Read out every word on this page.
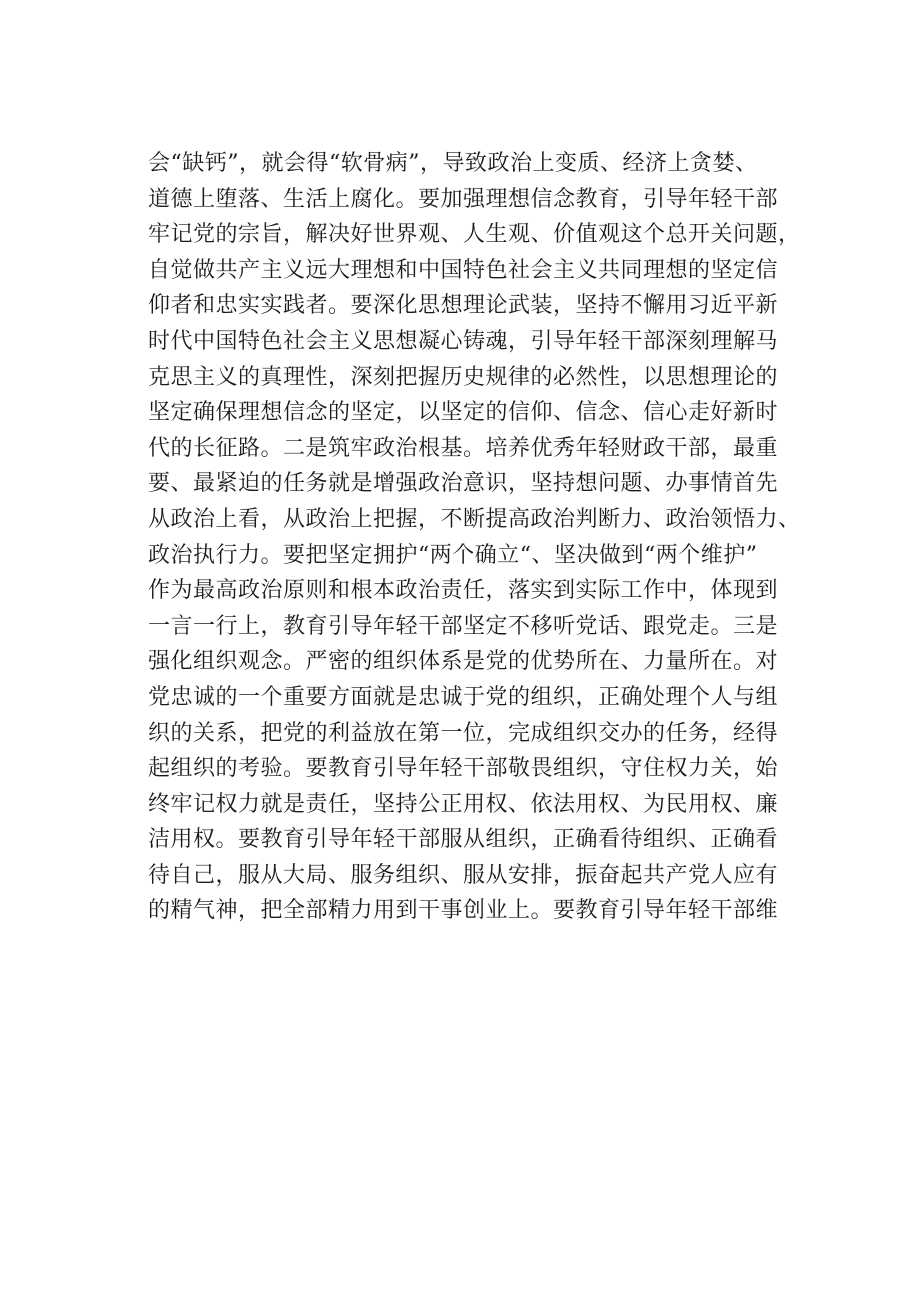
会“缺钙”，就会得“软骨病”，导致政治上变质、经济上贪婪、
道德上堕落、生活上腐化。要加强理想信念教育，引导年轻干部
牢记党的宗旨，解决好世界观、人生观、价值观这个总开关问题，
自觉做共产主义远大理想和中国特色社会主义共同理想的坚定信
仰者和忠实实践者。要深化思想理论武装，坚持不懈用习近平新
时代中国特色社会主义思想凝心铸魂，引导年轻干部深刻理解马
克思主义的真理性，深刻把握历史规律的必然性，以思想理论的
坚定确保理想信念的坚定，以坚定的信仰、信念、信心走好新时
代的长征路。二是筑牢政治根基。培养优秀年轻财政干部，最重
要、最紧迫的任务就是增强政治意识，坚持想问题、办事情首先
从政治上看，从政治上把握，不断提高政治判断力、政治领悟力、
政治执行力。要把坚定拥护“两个确立“、坚决做到“两个维护”
作为最高政治原则和根本政治责任，落实到实际工作中，体现到
一言一行上，教育引导年轻干部坚定不移听党话、跟党走。三是
强化组织观念。严密的组织体系是党的优势所在、力量所在。对
党忠诚的一个重要方面就是忠诚于党的组织，正确处理个人与组
织的关系，把党的利益放在第一位，完成组织交办的任务，经得
起组织的考验。要教育引导年轻干部敬畏组织，守住权力关，始
终牢记权力就是责任，坚持公正用权、依法用权、为民用权、廉
洁用权。要教育引导年轻干部服从组织，正确看待组织、正确看
待自己，服从大局、服务组织、服从安排，振奋起共产党人应有
的精气神，把全部精力用到干事创业上。要教育引导年轻干部维
